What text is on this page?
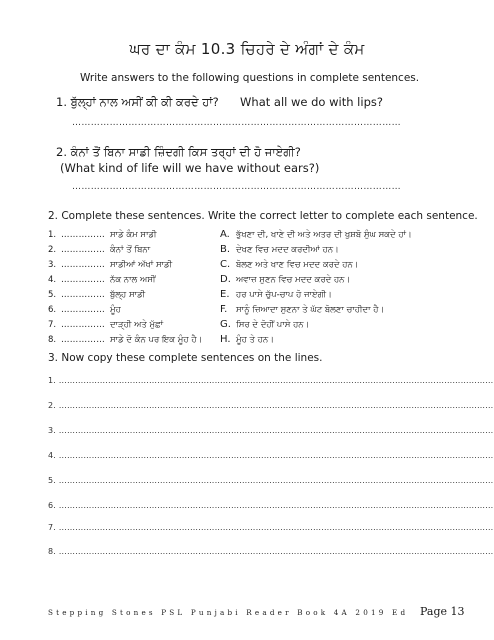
ਘਰ ਦਾ ਕੰਮ 10.3 ਚਿਹਰੇ ਦੇ ਅੰਗਾਂ ਦੇ ਕੰਮ
Write answers to the following questions in complete sentences.
1. ਬੁੱਲ੍ਹਾਂ ਨਾਲ ਅਸੀਂ ਕੀ ਕੀ ਕਰਦੇ ਹਾਂ? What all we do with lips?
……………………………………………………………………………………………
2. ਕੰਨਾਂ ਤੋਂ ਬਿਨਾ ਸਾਡੀ ਜ਼ਿੰਦਗੀ ਕਿਸ ਤਰ੍ਹਾਂ ਦੀ ਹੋ ਜਾਏਗੀ?
(What kind of life will we have without ears?)
……………………………………………………………………………………………
2. Complete these sentences. Write the correct letter to complete each sentence.
1. …………… ਸਾਡੇ ਕੰਮ ਸਾਡੀ	A. ਭੁੱਖਣਾ ਦੀ, ਖਾਣੇ ਦੀ ਅਤੇ ਅਤਰ ਦੀ ਖੁਸ਼ਬੋ ਸੁੰਘ ਸਕਦੇ ਹਾਂ।
2. …………… ਕੰਨਾਂ ਤੋਂ ਬਿਨਾ	B. ਦੇਖਣ ਵਿਚ ਮਦਦ ਕਰਦੀਆਂ ਹਨ।
3. …………… ਸਾਡੀਆਂ ਅੱਖਾਂ ਸਾਡੀ	C. ਬੋਲਣ ਅਤੇ ਖਾਣ ਵਿਚ ਮਦਦ ਕਰਦੇ ਹਨ।
4. …………… ਨੱਕ ਨਾਲ ਅਸੀਂ	D. ਅਵਾਜ਼ ਸੁਣਨ ਵਿਚ ਮਦਦ ਕਰਦੇ ਹਨ।
5. …………… ਬੁੱਲ੍ਹ ਸਾਡੀ	E. ਹਰ ਪਾਸੇ ਚੁੱਪ-ਚਾਪ ਹੋ ਜਾਏਗੀ।
6. …………… ਮੂੰਹ	F. ਸਾਨੂੰ ਜ਼ਿਆਦਾ ਸੁਣਨਾ ਤੇ ਘੱਟ ਬੋਲਣਾ ਚਾਹੀਦਾ ਹੈ।
7. …………… ਦਾੜ੍ਹੀ ਅਤੇ ਮੁੱਛਾਂ	G. ਸਿਰ ਦੇ ਦੋਹੀਂ ਪਾਸੇ ਹਨ।
8. …………… ਸਾਡੇ ਦੋ ਕੰਨ ਪਰ ਇਕ ਮੂੰਹ ਹੈ। H. ਮੂੰਹ ਤੇ ਹਨ।
3. Now copy these complete sentences on the lines.
1. ……………………………………………………………………………………………………………………………………………
2. ……………………………………………………………………………………………………………………………………………
3. ……………………………………………………………………………………………………………………………………………
4. ……………………………………………………………………………………………………………………………………………
5. ……………………………………………………………………………………………………………………………………………
6. ……………………………………………………………………………………………………………………………………………
7. ……………………………………………………………………………………………………………………………………………
8. ……………………………………………………………………………………………………………………………………………
Stepping Stones PSL Punjabi Reader Book 4A 2019 Ed Page 13
